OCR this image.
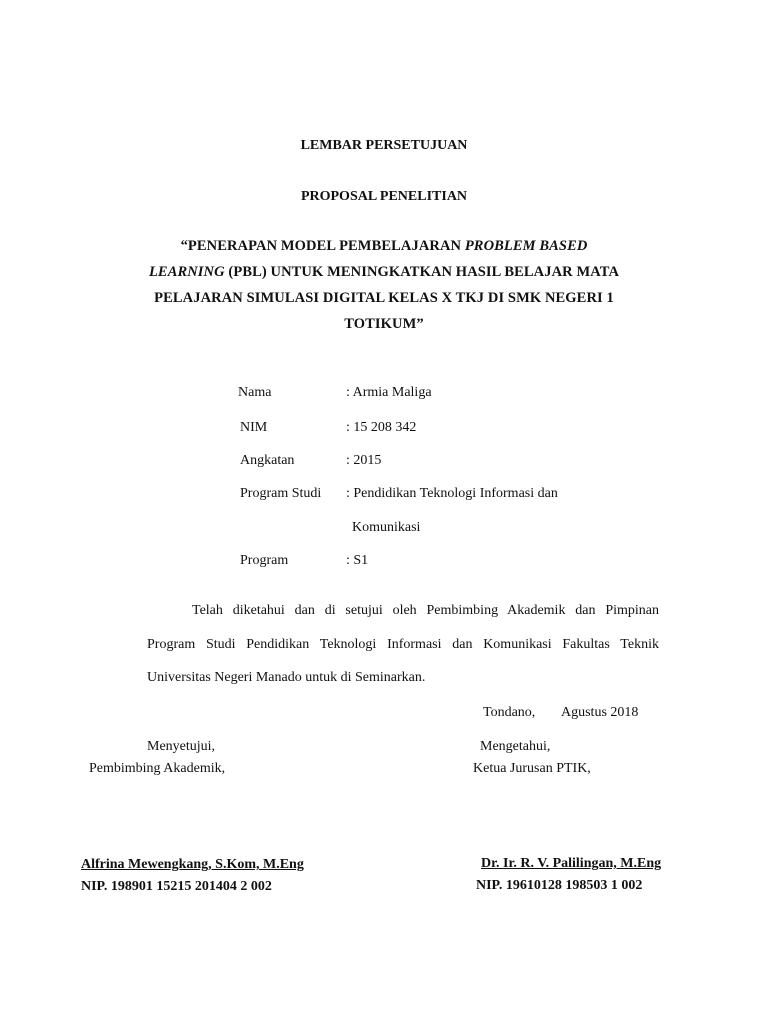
LEMBAR PERSETUJUAN
PROPOSAL PENELITIAN
“PENERAPAN MODEL PEMBELAJARAN PROBLEM BASED
LEARNING (PBL) UNTUK MENINGKATKAN HASIL BELAJAR MATA
PELAJARAN SIMULASI DIGITAL KELAS X TKJ DI SMK NEGERI 1
TOTIKUM”
Nama	: Armia Maliga
NIM	: 15 208 342
Angkatan	: 2015
Program Studi : Pendidikan Teknologi Informasi dan
Komunikasi
Program	: S1
Telah diketahui dan di setujui oleh Pembimbing Akademik dan Pimpinan
Program Studi Pendidikan Teknologi Informasi dan Komunikasi Fakultas Teknik
Universitas Negeri Manado untuk di Seminarkan.
Tondano, Agustus 2018
Menyetujui,
Pembimbing Akademik,
Alfrina Mewengkang, S.Kom, M.Eng
NIP. 198901 15215 201404 2 002
Mengetahui,
Ketua Jurusan PTIK,
Dr. Ir. R. V. Palilingan, M.Eng
NIP. 19610128 198503 1 002
